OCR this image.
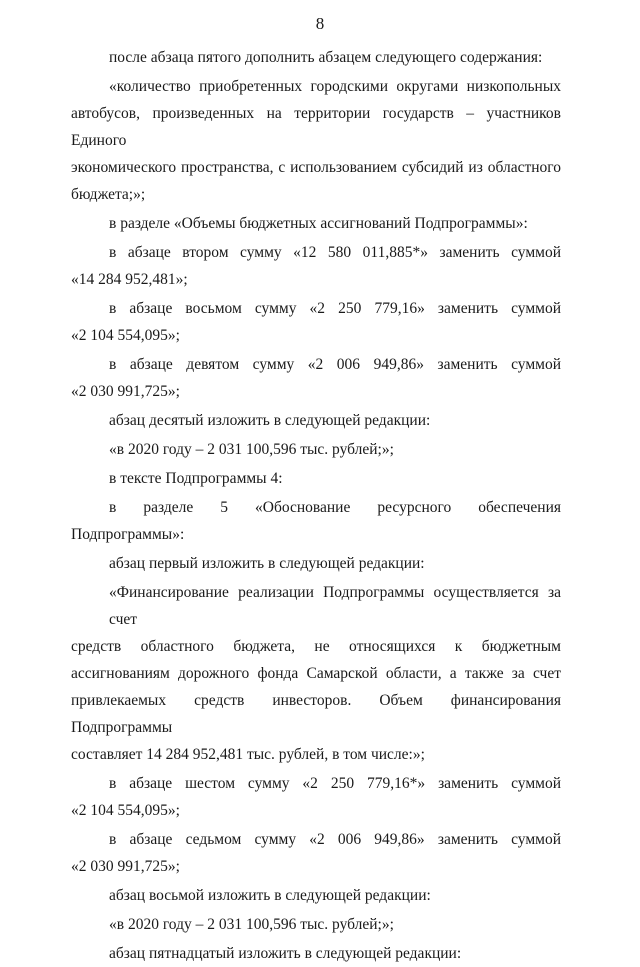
8
после абзаца пятого дополнить абзацем следующего содержания:
«количество приобретенных городскими округами низкопольных
автобусов, произведенных на территории государств – участников Единого
экономического пространства, с использованием субсидий из областного
бюджета;»;
в разделе «Объемы бюджетных ассигнований Подпрограммы»:
в абзаце втором сумму «12 580 011,885*» заменить суммой
«14 284 952,481»;
в абзаце восьмом сумму «2 250 779,16» заменить суммой
«2 104 554,095»;
в абзаце девятом сумму «2 006 949,86» заменить суммой
«2 030 991,725»;
абзац десятый изложить в следующей редакции:
«в 2020 году – 2 031 100,596 тыс. рублей;»;
в тексте Подпрограммы 4:
в разделе 5 «Обоснование ресурсного обеспечения Подпрограммы»:
абзац первый изложить в следующей редакции:
«Финансирование реализации Подпрограммы осуществляется за счет
средств областного бюджета, не относящихся к бюджетным
ассигнованиям дорожного фонда Самарской области, а также за счет
привлекаемых средств инвесторов. Объем финансирования Подпрограммы
составляет 14 284 952,481 тыс. рублей, в том числе:»;
в абзаце шестом сумму «2 250 779,16*» заменить суммой
«2 104 554,095»;
в абзаце седьмом сумму «2 006 949,86» заменить суммой
«2 030 991,725»;
абзац восьмой изложить в следующей редакции:
«в 2020 году – 2 031 100,596 тыс. рублей;»;
абзац пятнадцатый изложить в следующей редакции:
